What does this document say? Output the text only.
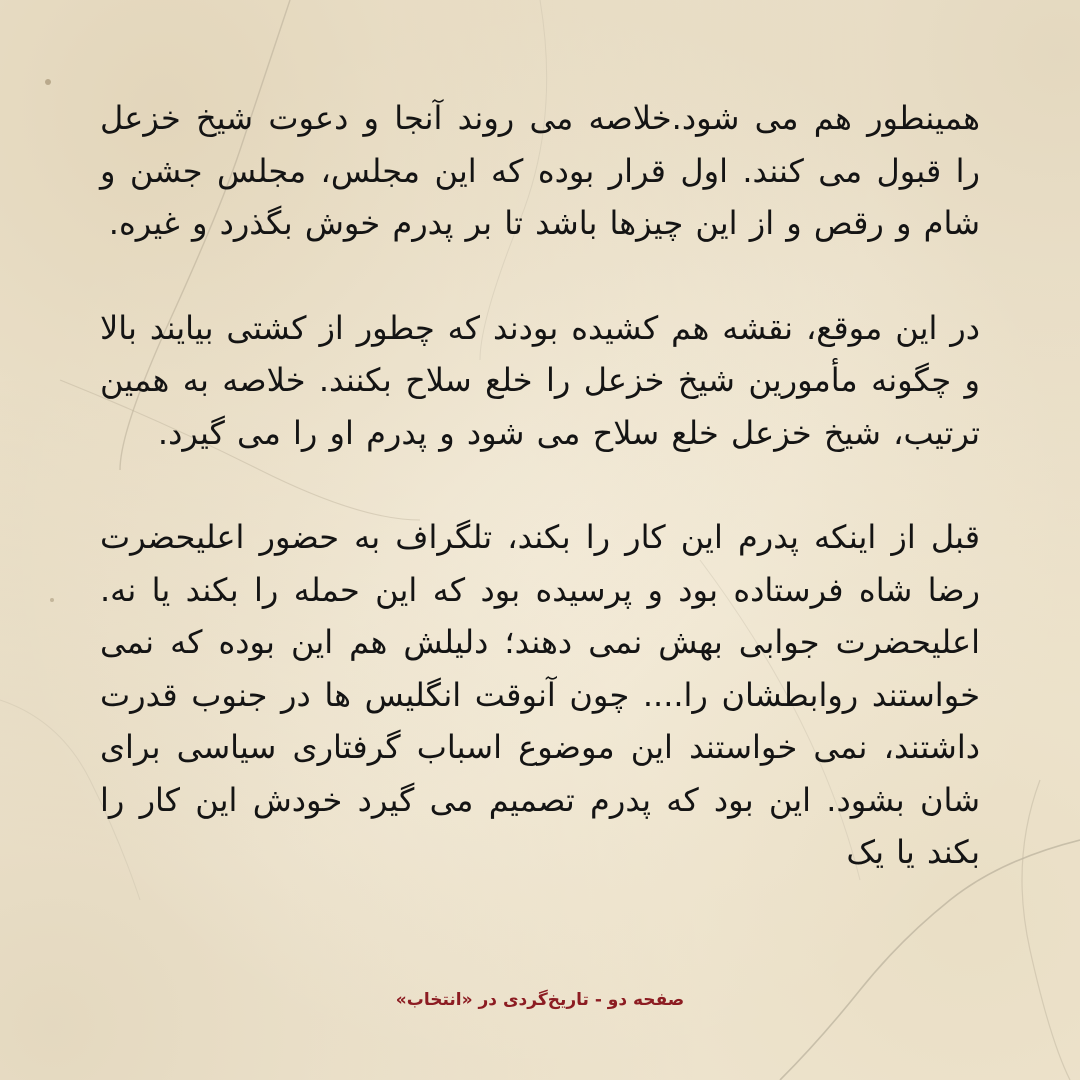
همینطور هم می شود.خلاصه می روند آنجا و دعوت شیخ خزعل را قبول می کنند. اول قرار بوده که این مجلس، مجلس جشن و شام و رقص و از این چیزها باشد تا بر پدرم خوش بگذرد و غیره.

در این موقع، نقشه هم کشیده بودند که چطور از کشتی بیایند بالا و چگونه مأمورین شیخ خزعل را خلع سلاح بکنند. خلاصه به همین ترتیب، شیخ خزعل خلع سلاح می شود و پدرم او را می گیرد.

قبل از اینکه پدرم این کار را بکند، تلگراف به حضور اعلیحضرت رضا شاه فرستاده بود و پرسیده بود که این حمله را بکند یا نه. اعلیحضرت جوابی بهش نمی دهند؛ دلیلش هم این بوده که نمی خواستند روابطشان را.... چون آنوقت انگلیس ها در جنوب قدرت داشتند، نمی خواستند این موضوع اسباب گرفتاری سیاسی برای شان بشود. این بود که پدرم تصمیم می گیرد خودش این کار را بکند یا یک

صفحه دو - تاریخ‌گردی در «انتخاب»
